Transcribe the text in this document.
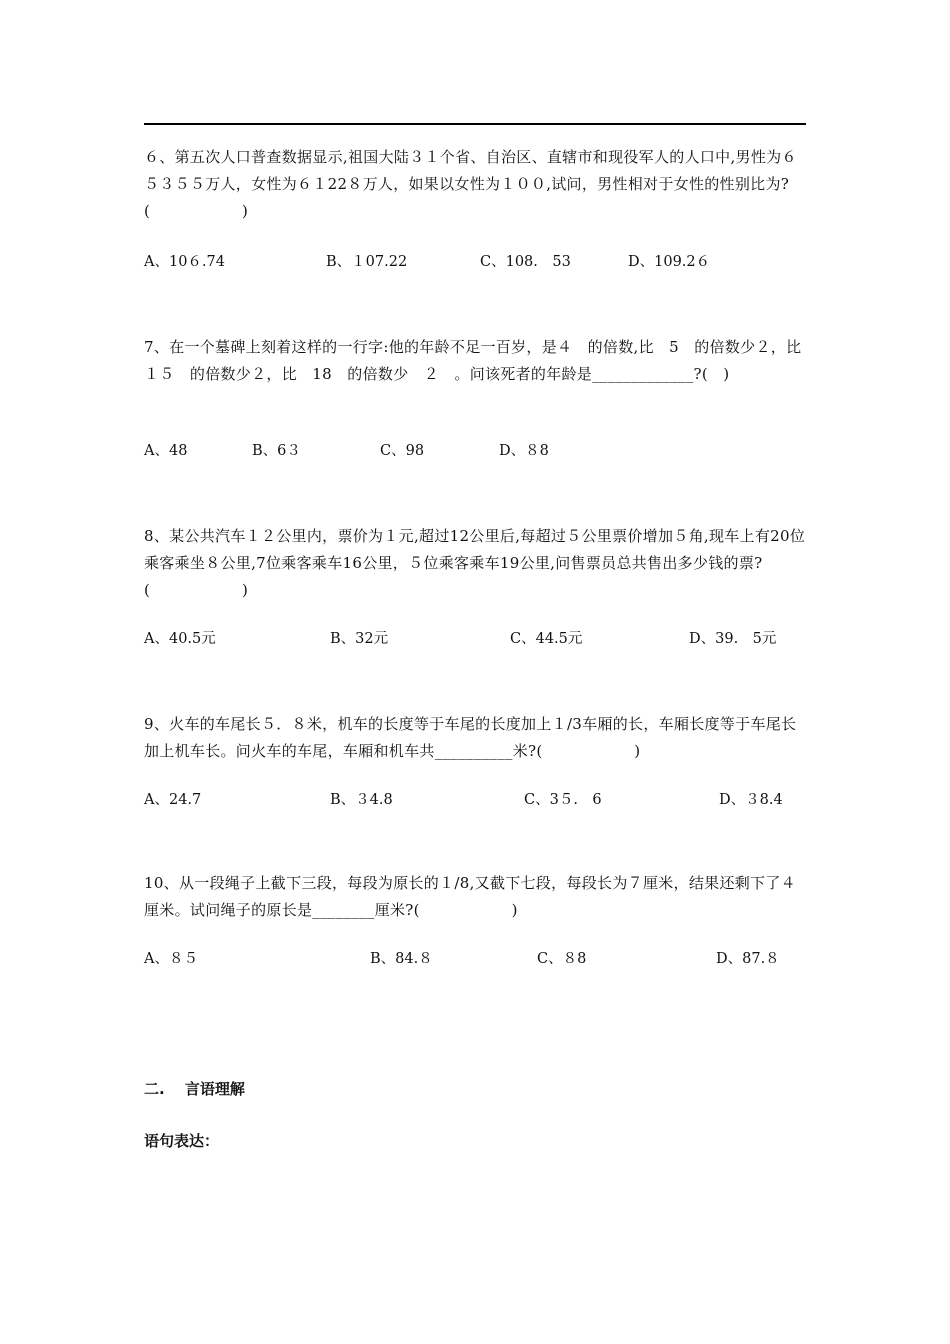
６、第五次人口普查数据显示,祖国大陆３１个省、自治区、直辖市和现役军人的人口中,男性为６５３５５万人，女性为６１22８万人，如果以女性为１００,试问，男性相对于女性的性别比为?(　　　　　　)
A、10６.74	B、１07.22	C、108.　53	D、109.2６
7、在一个墓碑上刻着这样的一行字:他的年龄不足一百岁，是４　的倍数,比　5　的倍数少２，比　１５　的倍数少２，比　18　的倍数少　２　。问该死者的年龄是_____________?(　)
A、48	B、6３	C、98	D、８8
8、某公共汽车１２公里内，票价为１元,超过12公里后,每超过５公里票价增加５角,现车上有20位乘客乘坐８公里,7位乘客乘车16公里，５位乘客乘车19公里,问售票员总共售出多少钱的票?(　　　　　　)
A、40.5元	B、32元	C、44.5元	D、39.　5元
9、火车的车尾长５．８米，机车的长度等于车尾的长度加上１/3车厢的长，车厢长度等于车尾长加上机车长。问火车的车尾，车厢和机车共__________米?(　　　　　　)
A、24.7	B、３4.8	C、3５.　6	D、３8.4
10、从一段绳子上截下三段，每段为原长的１/8,又截下七段，每段长为７厘米，结果还剩下了４厘米。试问绳子的原长是________厘米?(　　　　　　)
A、８５	B、84.８	C、８8	D、87.８
二.　 言语理解
语句表达：
